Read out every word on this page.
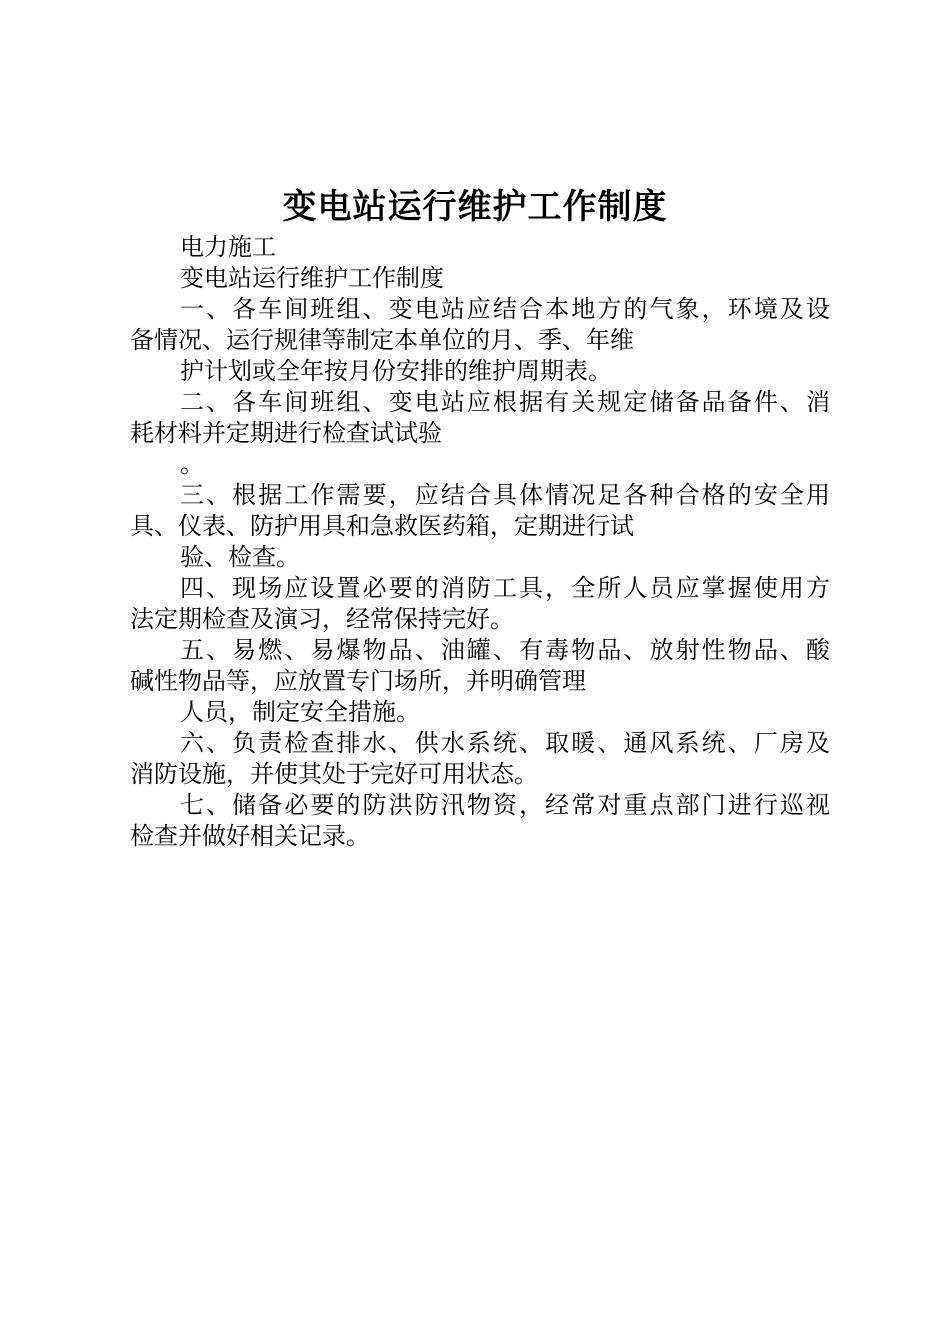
变电站运行维护工作制度
电力施工
变电站运行维护工作制度
一、各车间班组、变电站应结合本地方的气象，环境及设
备情况、运行规律等制定本单位的月、季、年维
护计划或全年按月份安排的维护周期表。
二、各车间班组、变电站应根据有关规定储备品备件、消
耗材料并定期进行检查试试验
。
三、根据工作需要，应结合具体情况足各种合格的安全用
具、仪表、防护用具和急救医药箱，定期进行试
验、检查。
四、现场应设置必要的消防工具，全所人员应掌握使用方
法定期检查及演习，经常保持完好。
五、易燃、易爆物品、油罐、有毒物品、放射性物品、酸
碱性物品等，应放置专门场所，并明确管理
人员，制定安全措施。
六、负责检查排水、供水系统、取暖、通风系统、厂房及
消防设施，并使其处于完好可用状态。
七、储备必要的防洪防汛物资，经常对重点部门进行巡视
检查并做好相关记录。
